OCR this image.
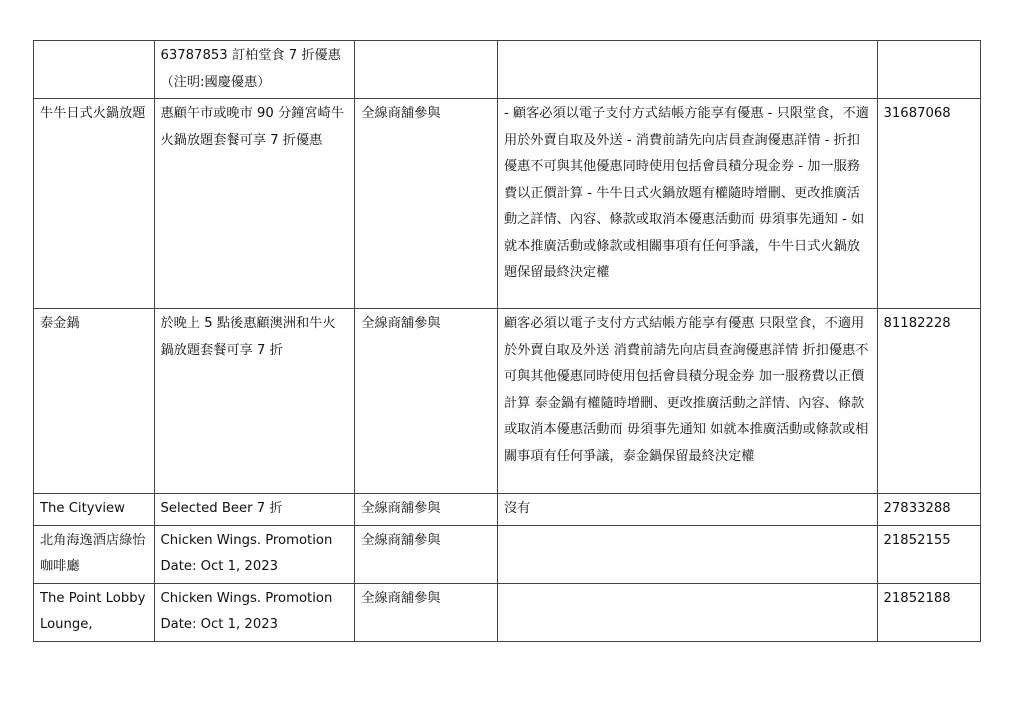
	63787853 訂柏堂食 7 折優惠（注明:國慶優惠）			
牛牛日式火鍋放題	惠顧午市或晚市 90 分鐘宮崎牛火鍋放題套餐可享 7 折優惠	全線商舖參與	- 顧客必須以電子支付方式結帳方能享有優惠 - 只限堂食，不適用於外賣自取及外送 - 消費前請先向店員查詢優惠詳情 - 折扣優惠不可與其他優惠同時使用包括會員積分現金券 - 加一服務費以正價計算 - 牛牛日式火鍋放題有權隨時增刪、更改推廣活動之詳情、內容、條款或取消本優惠活動而 毋須事先通知 - 如就本推廣活動或條款或相關事項有任何爭議，牛牛日式火鍋放題保留最終決定權	31687068
泰金鍋	於晚上 5 點後惠顧澳洲和牛火鍋放題套餐可享 7 折	全線商舖參與	顧客必須以電子支付方式結帳方能享有優惠 只限堂食，不適用於外賣自取及外送 消費前請先向店員查詢優惠詳情 折扣優惠不可與其他優惠同時使用包括會員積分現金券 加一服務費以正價計算 泰金鍋有權隨時增刪、更改推廣活動之詳情、內容、條款或取消本優惠活動而 毋須事先通知 如就本推廣活動或條款或相關事項有任何爭議，泰金鍋保留最終決定權	81182228
The Cityview	Selected Beer 7 折	全線商舖參與	沒有	27833288
北角海逸酒店綠怡咖啡廳	Chicken Wings. Promotion Date: Oct 1, 2023	全線商舖參與		21852155
The Point Lobby Lounge,	Chicken Wings. Promotion Date: Oct 1, 2023	全線商舖參與		21852188
